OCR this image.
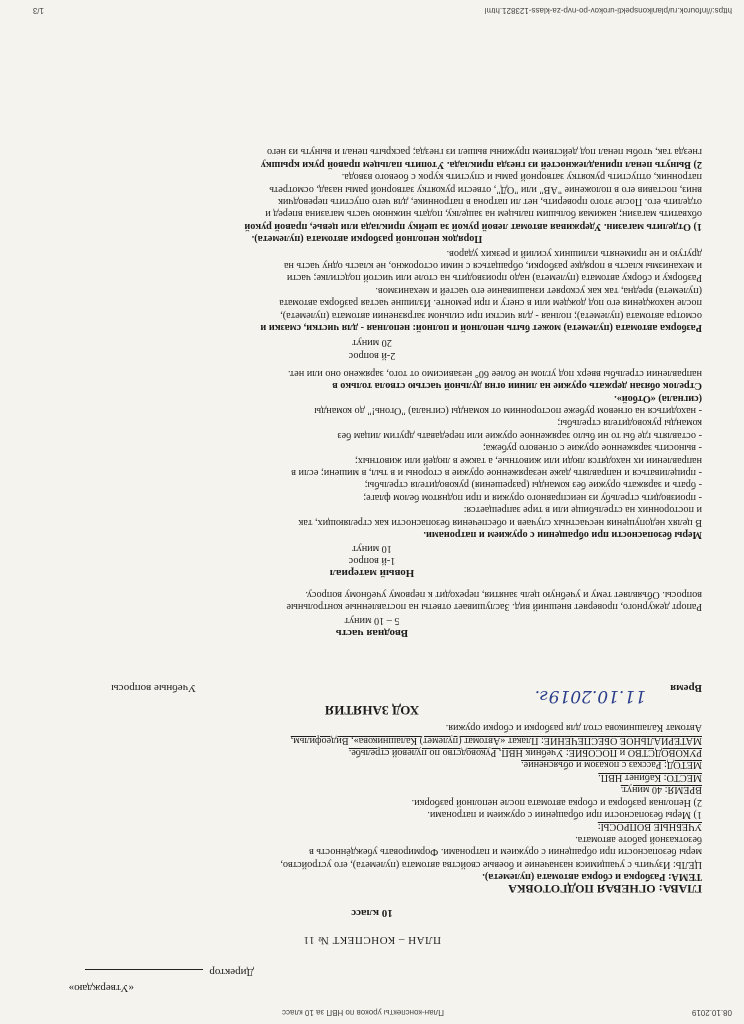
08.10.2019
План-конспекты уроков по НВП за 10 класс
«Утверждаю»
Директор
ПЛАН – КОНСПЕКТ № 11
10 класс
ГЛАВА: ОГНЕВАЯ ПОДГОТОВКА
ТЕМА: Разборка и сборка автомата (пулемета).
ЦЕЛЬ: Изучить с учащимися назначение и боевые свойства автомата (пулемета), его устройство,
меры безопасности при обращении с оружием и патронами. Формировать убеждённость в
безотказной работе автомата.
УЧЕБНЫЕ ВОПРОСЫ:
1) Меры безопасности при обращении с оружием и патронами.
2) Неполная разборка и сборка автомата после неполной разборки.
ВРЕМЯ: 40 минут.
МЕСТО: Кабинет НВП.
МЕТОД: Рассказ с показом и объяснение.
РУКОВОДСТВО и ПОСОБИЕ: Учебник НВП, Руководство по пулевой стрельбе.
МАТЕРИАЛЬНОЕ ОБЕСПЕЧЕНИЕ: Плакат «Автомат (пулемет) Калашникова», Видеофильм,
Автомат Калашникова стол для разборки и сборки оружия.
ХОД ЗАНЯТИЯ
Время
11.10.2019г.
Учебные вопросы
Вводная часть
5 – 10 минут
Рапорт дежурного, проверяет внешний вид. Заслушивает ответы на поставленные контрольные
вопросы. Объявляет тему и учебную цель занятия, переходит к первому учебному вопросу.
Новый материал
1-й вопрос
10 минут
Меры безопасности при обращении с оружием и патронами.
В целях недопущения несчастных случаев и обеспечения безопасности как стреляющих, так
и посторонних на стрельбище или в тире запрещается:
- производить стрельбу из неисправного оружия и при поднятом белом флаге;
- брать и заряжать оружие без команды (разрешения) руководителя стрельбы;
- прицеливаться и направлять даже незаряженное оружие в стороны и в тыл, в мишени; если в
направлении их находятся люди или животные, а также в людей или животных;
- выносить заряженное оружие с огневого рубежа;
- оставлять где бы то ни было заряженное оружие или передавать другим лицам без
команды руководителя стрельбы;
- находиться на огневом рубеже посторонним от команды (сигнала) "Огонь!" до команды
(сигнала) «Отбой».
Стрелок обязан держать оружие на линии огня дульной частью ствола только в
направлении стрельбы вверх под углом не более 60° независимо от того, заряжено оно или нет.
2-й вопрос
20 минут
Разборка автомата (пулемета) может быть неполной и полной: неполная - для чистки, смазки и
осмотра автомата (пулемета); полная - для чистки при сильном загрязнении автомата (пулемета),
после нахождения его под дождем или в снегу и при ремонте. Излишне частая разборка автомата
(пулемета) вредна, так как ускоряет изнашивание его частей и механизмов.
Разборку и сборку автомата (пулемета) надо производить на столе или чистой подстилке; части
и механизмы класть в порядке разборки, обращаться с ними осторожно, не класть одну часть на
другую и не применять излишних усилий и резких ударов.
Порядок неполной разборки автомата (пулемета).
1) Отделить магазин. Удерживая автомат левой рукой за шейку приклада или цевье, правой рукой
обхватить магазин; нажимая большим пальцем на защелку, подать нижнюю часть магазина вперед и
отделить его. После этого проверить, нет ли патрона в патроннике, для чего опустить переводчик
вниз, поставив его в положение "АВ" или "ОД", отвести рукоятку затворной рамы назад, осмотреть
патронник, отпустить рукоятку затворной рамы и спустить курок с боевого взвода.
2) Вынуть пенал принадлежностей из гнезда приклада. Утопить пальцем правой руки крышку
гнезда так, чтобы пенал под действием пружины вышел из гнезда; раскрыть пенал и вынуть из него
https://infourok.ru/planikonspekti-urokov-po-nvp-za-klass-123821.html
1/3
